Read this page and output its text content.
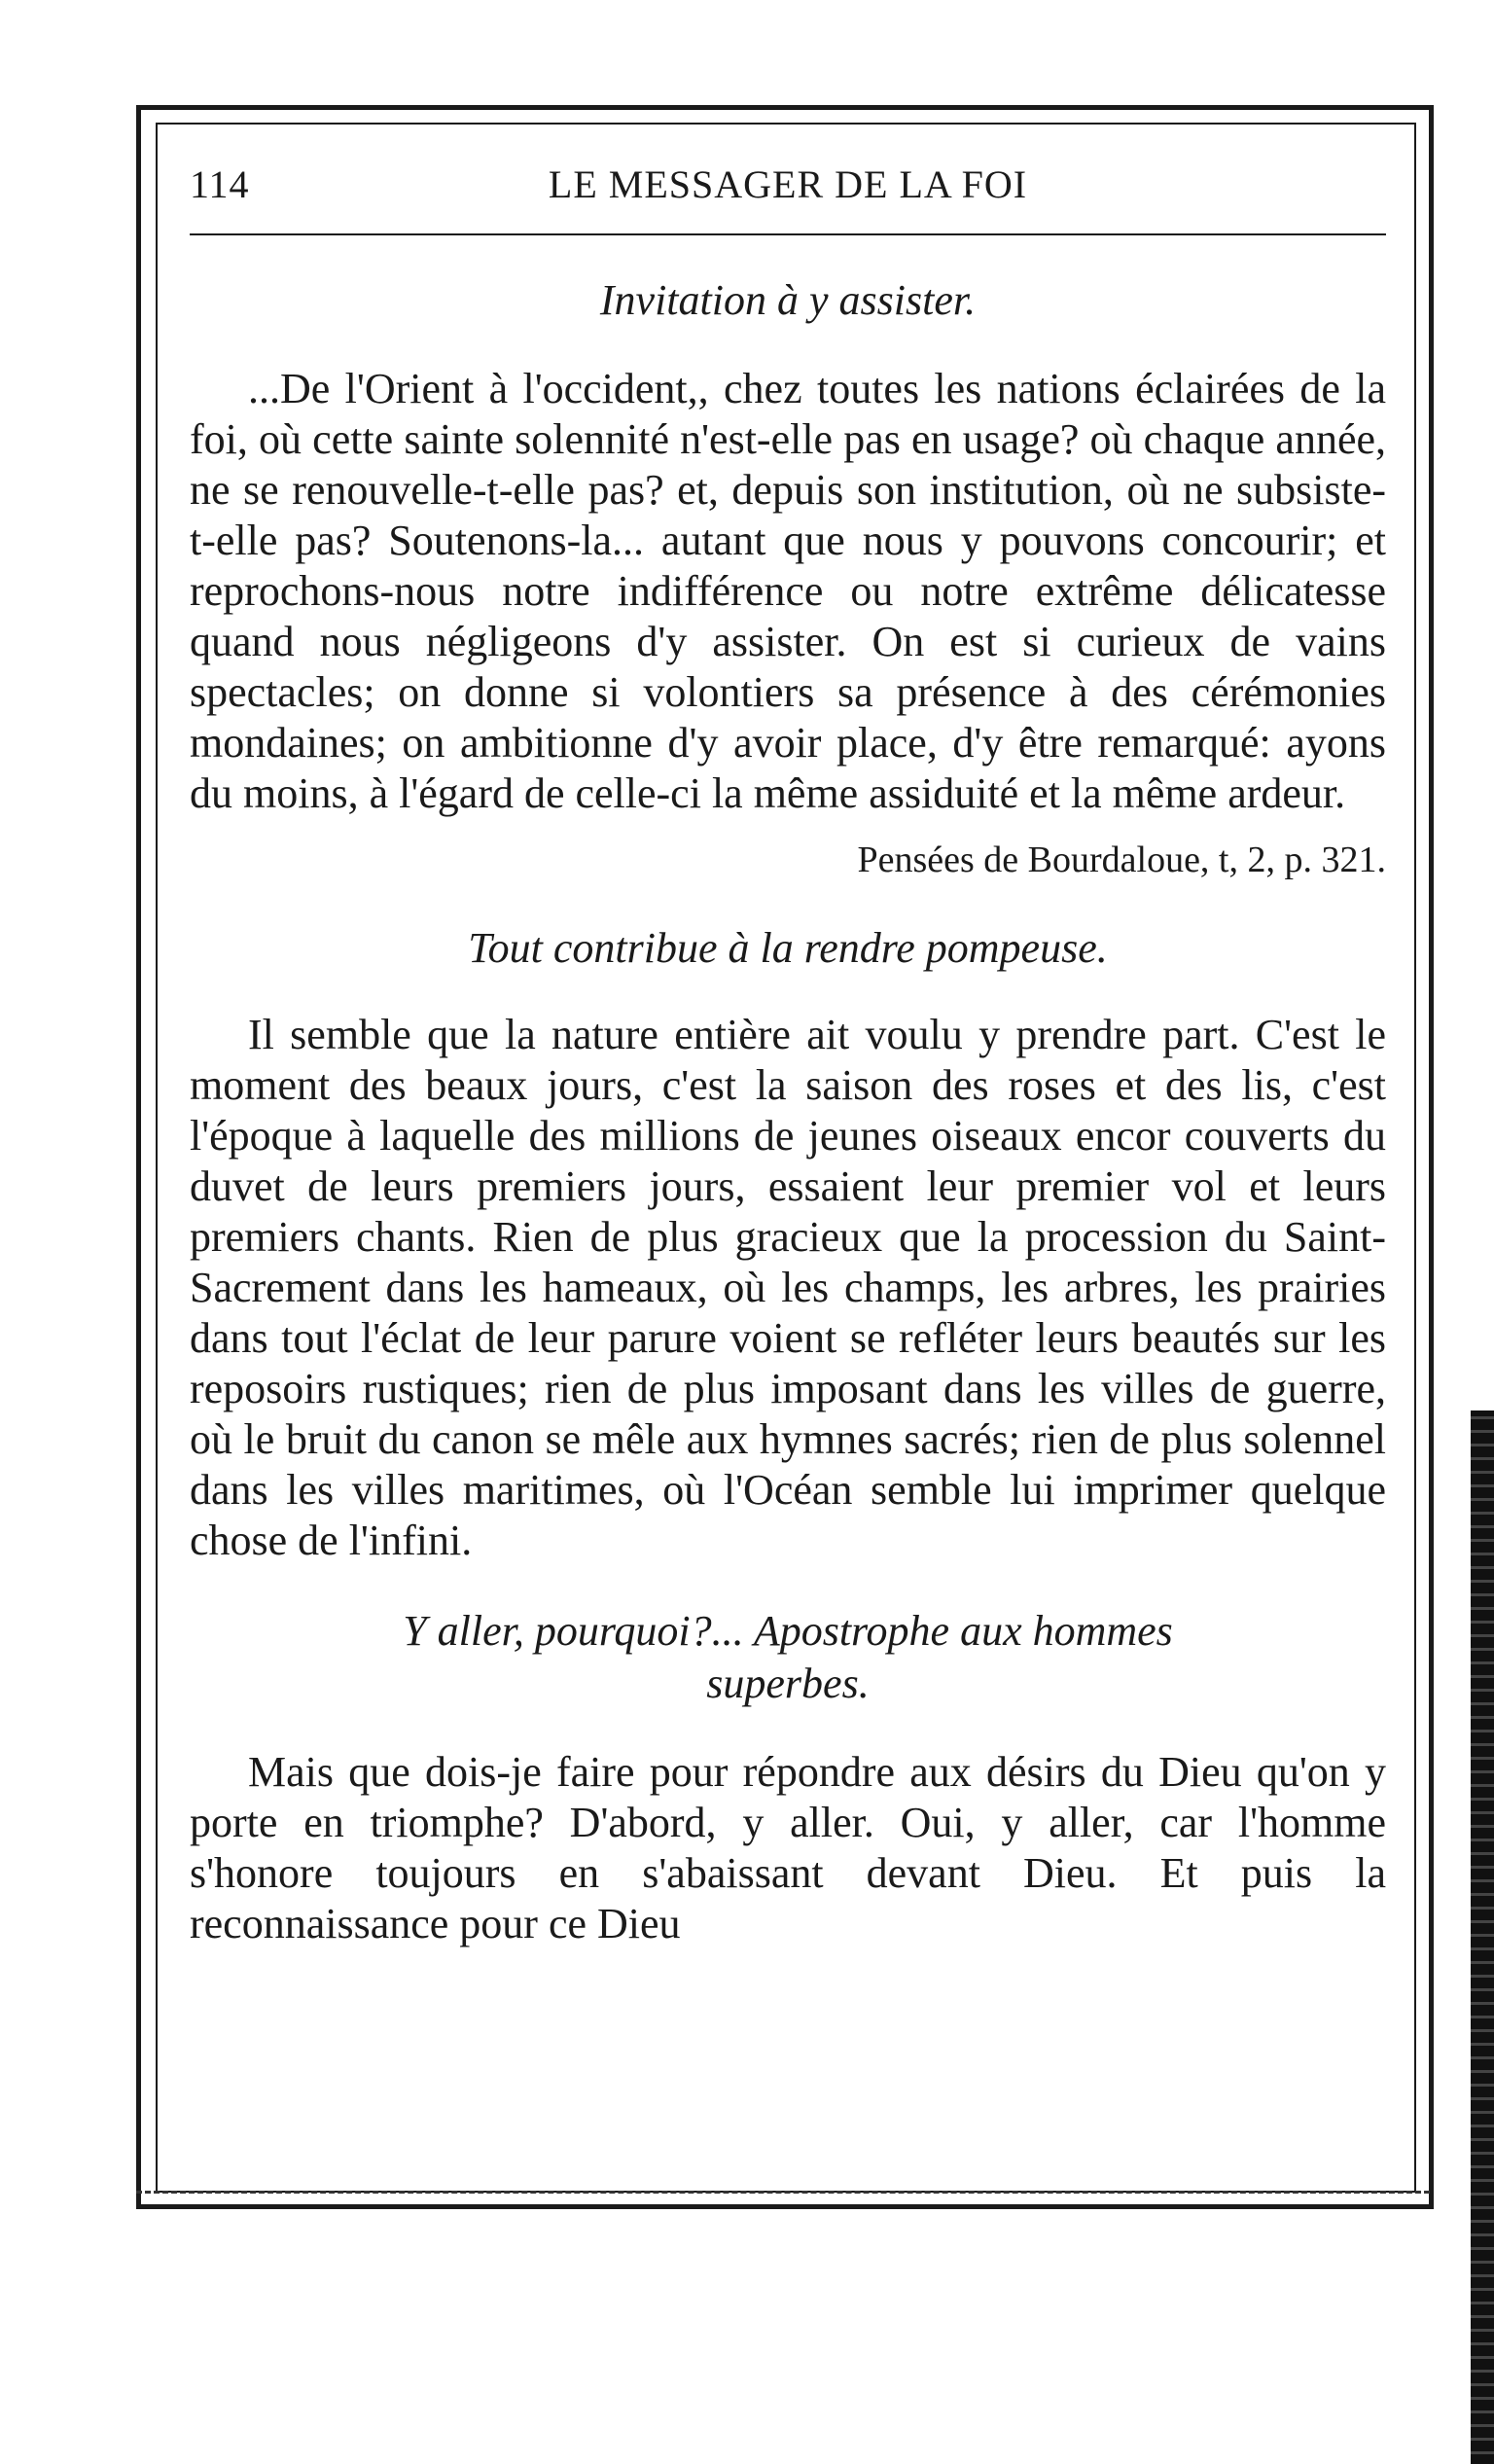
114	LE MESSAGER DE LA FOI

Invitation à y assister.

...De l'Orient à l'occident,, chez toutes les nations éclairées de la foi, où cette sainte solennité n'est-elle pas en usage? où chaque année, ne se renouvelle-t-elle pas? et, depuis son institution, où ne subsiste-t-elle pas? Soutenons-la... autant que nous y pouvons concourir; et reprochons-nous notre indifférence ou notre extrême délicatesse quand nous négligeons d'y assister. On est si curieux de vains spectacles; on donne si volontiers sa présence à des cérémonies mondaines; on ambitionne d'y avoir place, d'y être remarqué: ayons du moins, à l'égard de celle-ci la même assiduité et la même ardeur.

Pensées de Bourdaloue, t, 2, p. 321.

Tout contribue à la rendre pompeuse.

Il semble que la nature entière ait voulu y prendre part. C'est le moment des beaux jours, c'est la saison des roses et des lis, c'est l'époque à laquelle des millions de jeunes oiseaux encor couverts du duvet de leurs premiers jours, essaient leur premier vol et leurs premiers chants. Rien de plus gracieux que la procession du Saint-Sacrement dans les hameaux, où les champs, les arbres, les prairies dans tout l'éclat de leur parure voient se refléter leurs beautés sur les reposoirs rustiques; rien de plus imposant dans les villes de guerre, où le bruit du canon se mêle aux hymnes sacrés; rien de plus solennel dans les villes maritimes, où l'Océan semble lui imprimer quelque chose de l'infini.

Y aller, pourquoi?... Apostrophe aux hommes superbes.

Mais que dois-je faire pour répondre aux désirs du Dieu qu'on y porte en triomphe? D'abord, y aller. Oui, y aller, car l'homme s'honore toujours en s'abaissant devant Dieu. Et puis la reconnaissance pour ce Dieu
